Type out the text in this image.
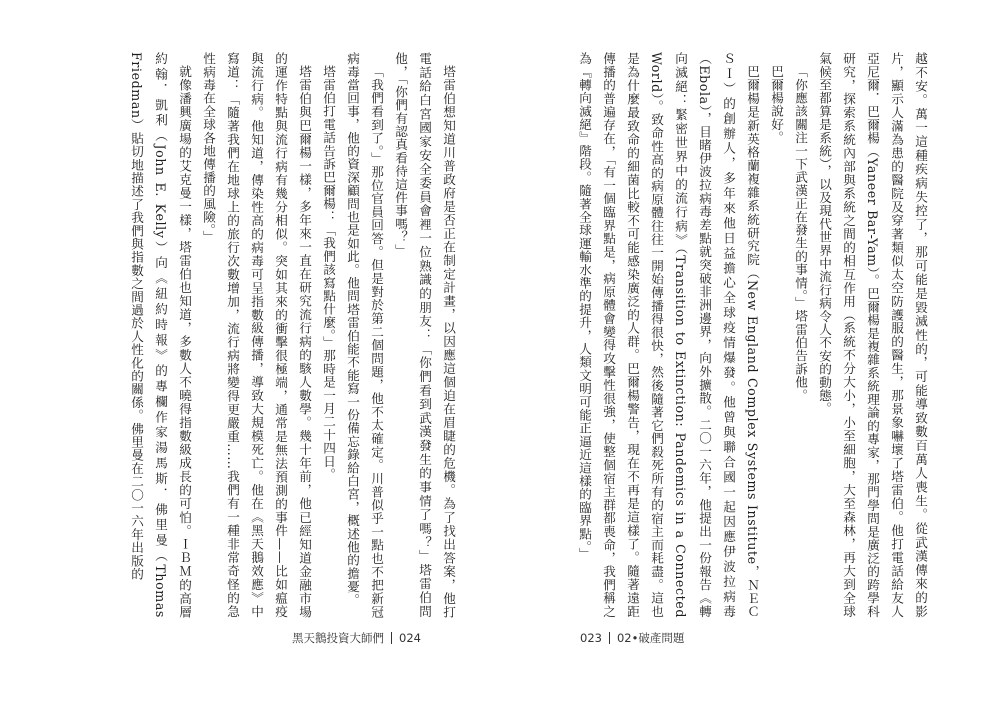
塔雷伯想知道川普政府是否正在制定計畫，以因應這個迫在眉睫的危機。為了找出答案，他打電話給白宮國家安全委員會裡一位熟識的朋友：「你們看到武漢發生的事情了嗎？」塔雷伯問他，「你們有認真看待這件事嗎？」

「我們看到了。」那位官員回答。但是對於第二個問題，他不太確定。川普似乎一點也不把新冠病毒當回事，他的資深顧問也是如此。他問塔雷伯能不能寫一份備忘錄給白宮，概述他的擔憂。

塔雷伯打電話告訴巴爾楊：「我們該寫點什麼。」那時是一月二十四日。

塔雷伯與巴爾楊一樣，多年來一直在研究流行病的駭人數學。幾十年前，他已經知道金融市場的運作特點與流行病有幾分相似。突如其來的衝擊很極端，通常是無法預測的事件——比如瘟疫與流行病。他知道，傳染性高的病毒可呈指數級傳播，導致大規模死亡。他在《黑天鵝效應》中寫道：「隨著我們在地球上的旅行次數增加，流行病將變得更嚴重……我們有一種非常奇怪的急性病毒在全球各地傳播的風險。」

就像潘興廣場的艾克曼一樣，塔雷伯也知道，多數人不曉得指數級成長的可怕。ＩＢＭ的高層約翰．凱利（John E. Kelly）向《紐約時報》的專欄作家湯馬斯．佛里曼（Thomas Friedman）貼切地描述了我們與指數之間過於人性化的關係。佛里曼在二〇一六年出版的

黑天鵝投資大師們 024

越不安。萬一這種疾病失控了，那可能是毀滅性的，可能導致數百萬人喪生。從武漢傳來的影片，顯示人滿為患的醫院及穿著類似太空防護服的醫生，那景象嚇壞了塔雷伯。他打電話給友人亞尼爾．巴爾楊（Yaneer Bar-Yam）。巴爾楊是複雜系統理論的專家，那門學問是廣泛的跨學科研究，探索系統內部與系統之間的相互作用（系統不分大小，小至細胞，大至森林，再大到全球氣候至都算是系統），以及現代世界中流行病令人不安的動態。

「你應該關注一下武漢正在發生的事情。」塔雷伯告訴他。

巴爾楊說好。

巴爾楊是新英格蘭複雜系統研究院（New England Complex Systems Institute，ＮＥＣＳＩ）的創辦人，多年來他日益擔心全球疫情爆發。他曾與聯合國一起因應伊波拉病毒（Ebola），目睹伊波拉病毒差點就突破非洲邊界，向外擴散。二〇一六年，他提出一份報告《轉向滅絕：緊密世界中的流行病》（Transition to Extinction: Pandemics in a Connected World）。致命性高的病原體往往一開始傳播得很快，然後隨著它們殺死所有的宿主而耗盡。這也是為什麼最致命的細菌比較不可能感染廣泛的人群。巴爾楊警告，現在不再是這樣了。隨著遠距傳播的普遍存在，「有一個臨界點是，病原體會變得攻擊性很強，使整個宿主群都喪命，我們稱之為『轉向滅絕』階段。隨著全球運輸水準的提升，人類文明可能正逼近這樣的臨界點。」

023 02•破產問題
